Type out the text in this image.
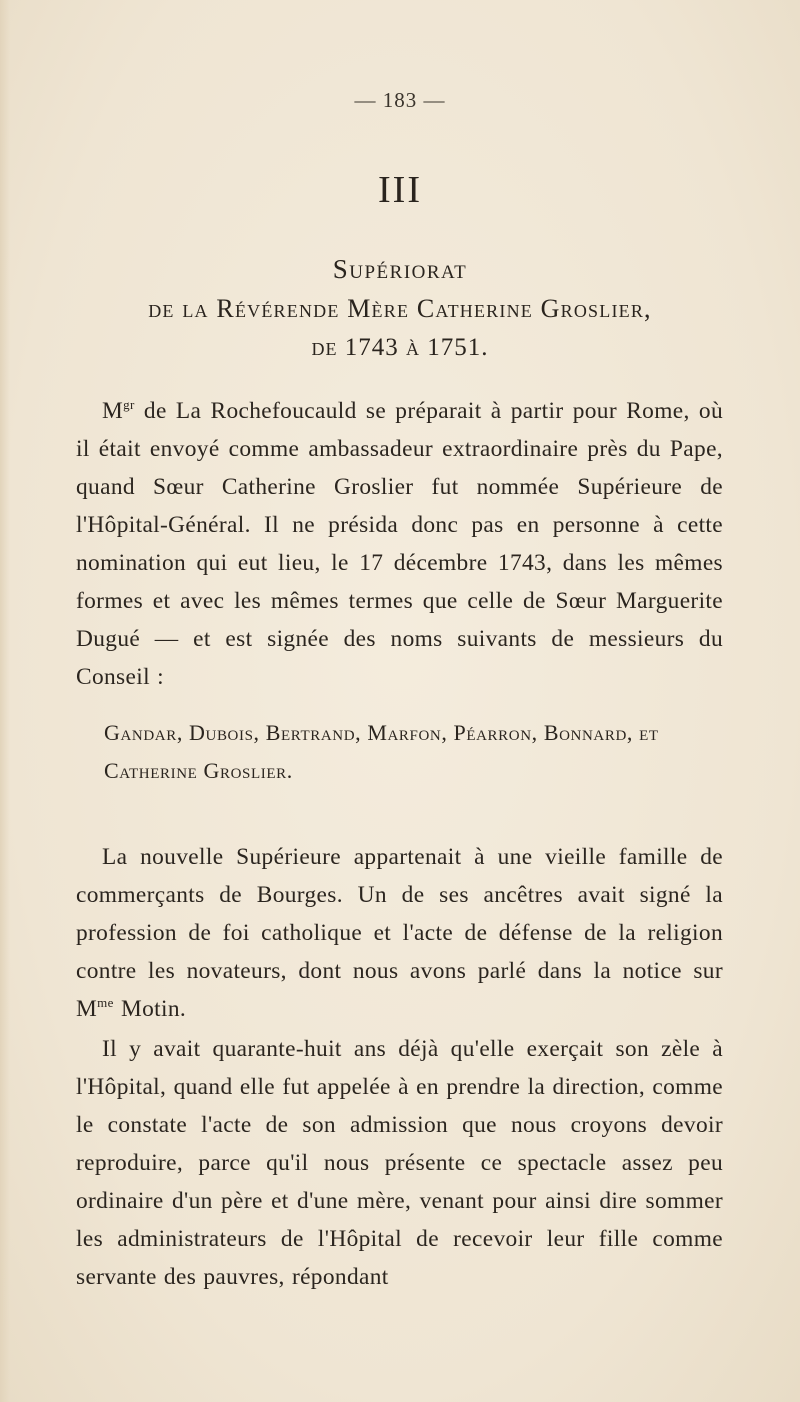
— 183 —
III
Supériorat
de la Révérende Mère Catherine Groslier,
de 1743 à 1751.
$M^{gr}$ de La Rochefoucauld se préparait à partir pour Rome, où il était envoyé comme ambassadeur extraordinaire près du Pape, quand Sœur Catherine Groslier fut nommée Supérieure de l'Hôpital-Général. Il ne présida donc pas en personne à cette nomination qui eut lieu, le 17 décembre 1743, dans les mêmes formes et avec les mêmes termes que celle de Sœur Marguerite Dugué — et est signée des noms suivants de messieurs du Conseil :
Gandar, Dubois, Bertrand, Marfon, Péarron, Bonnard, et Catherine Groslier.
La nouvelle Supérieure appartenait à une vieille famille de commerçants de Bourges. Un de ses ancêtres avait signé la profession de foi catholique et l'acte de défense de la religion contre les novateurs, dont nous avons parlé dans la notice sur $M^{me}$ Motin.
Il y avait quarante-huit ans déjà qu'elle exerçait son zèle à l'Hôpital, quand elle fut appelée à en prendre la direction, comme le constate l'acte de son admission que nous croyons devoir reproduire, parce qu'il nous présente ce spectacle assez peu ordinaire d'un père et d'une mère, venant pour ainsi dire sommer les administrateurs de l'Hôpital de recevoir leur fille comme servante des pauvres, répondant
